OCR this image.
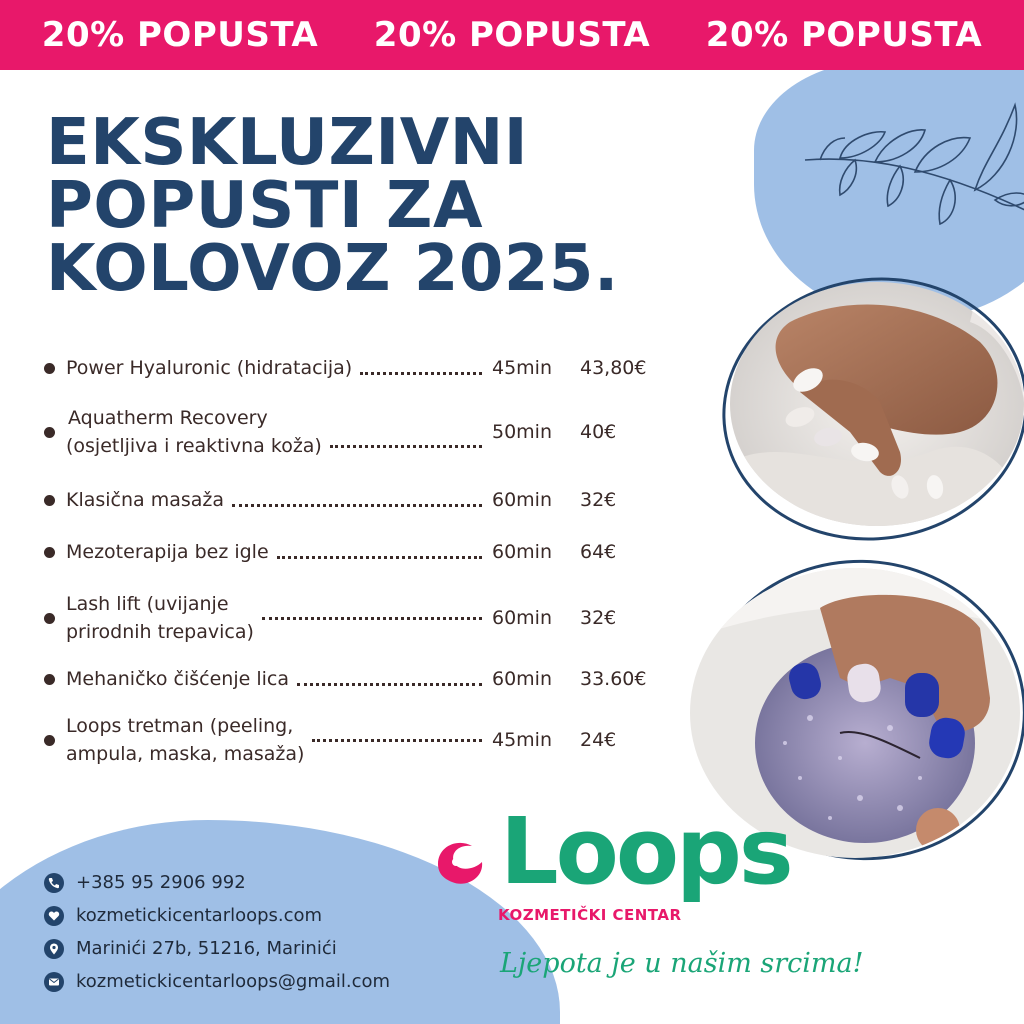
20% POPUSTA 20% POPUSTA 20% POPUSTA
EKSKLUZIVNI
POPUSTI ZA
KOLOVOZ 2025.
Power Hyaluronic (hidratacija)	45min	43,80€
Aquatherm Recovery
(osjetljiva i reaktivna koža)
50min	40€
Klasična masaža	60min	32€
Mezoterapija bez igle	60min	64€
Lash lift (uvijanje
prirodnih trepavica)
60min	32€
Mehaničko čišćenje lica	60min	33.60€
Loops tretman (peeling,
ampula, maska, masaža)
45min	24€
+385 95 2906 992
kozmetickicentarloops.com
Marinići 27b, 51216, Marinići
kozmetickicentarloops@gmail.com
Loops
KOZMETIČKI CENTAR
Ljepota je u našim srcima!
